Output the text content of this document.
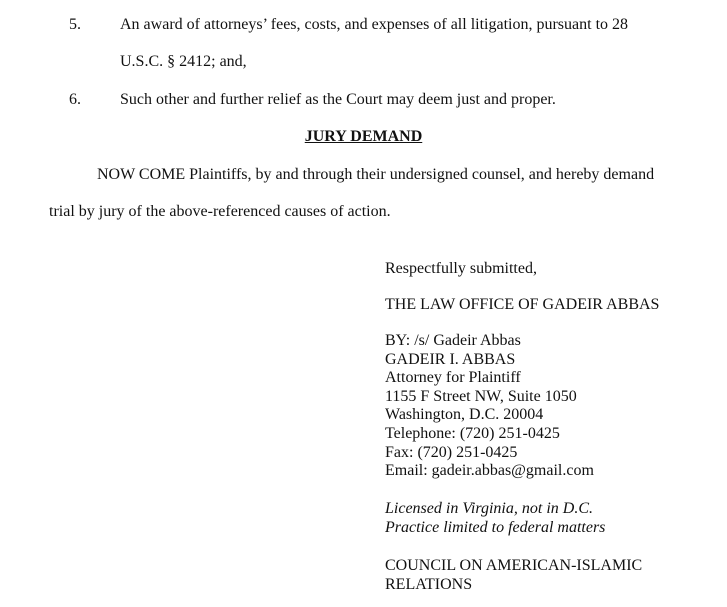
5. An award of attorneys’ fees, costs, and expenses of all litigation, pursuant to 28
U.S.C. § 2412; and,
6. Such other and further relief as the Court may deem just and proper.
JURY DEMAND
NOW COME Plaintiffs, by and through their undersigned counsel, and hereby demand
trial by jury of the above-referenced causes of action.
Respectfully submitted,
THE LAW OFFICE OF GADEIR ABBAS
BY: /s/ Gadeir Abbas
GADEIR I. ABBAS
Attorney for Plaintiff
1155 F Street NW, Suite 1050
Washington, D.C. 20004
Telephone: (720) 251-0425
Fax: (720) 251-0425
Email: gadeir.abbas@gmail.com
Licensed in Virginia, not in D.C.
Practice limited to federal matters
COUNCIL ON AMERICAN-ISLAMIC
RELATIONS
